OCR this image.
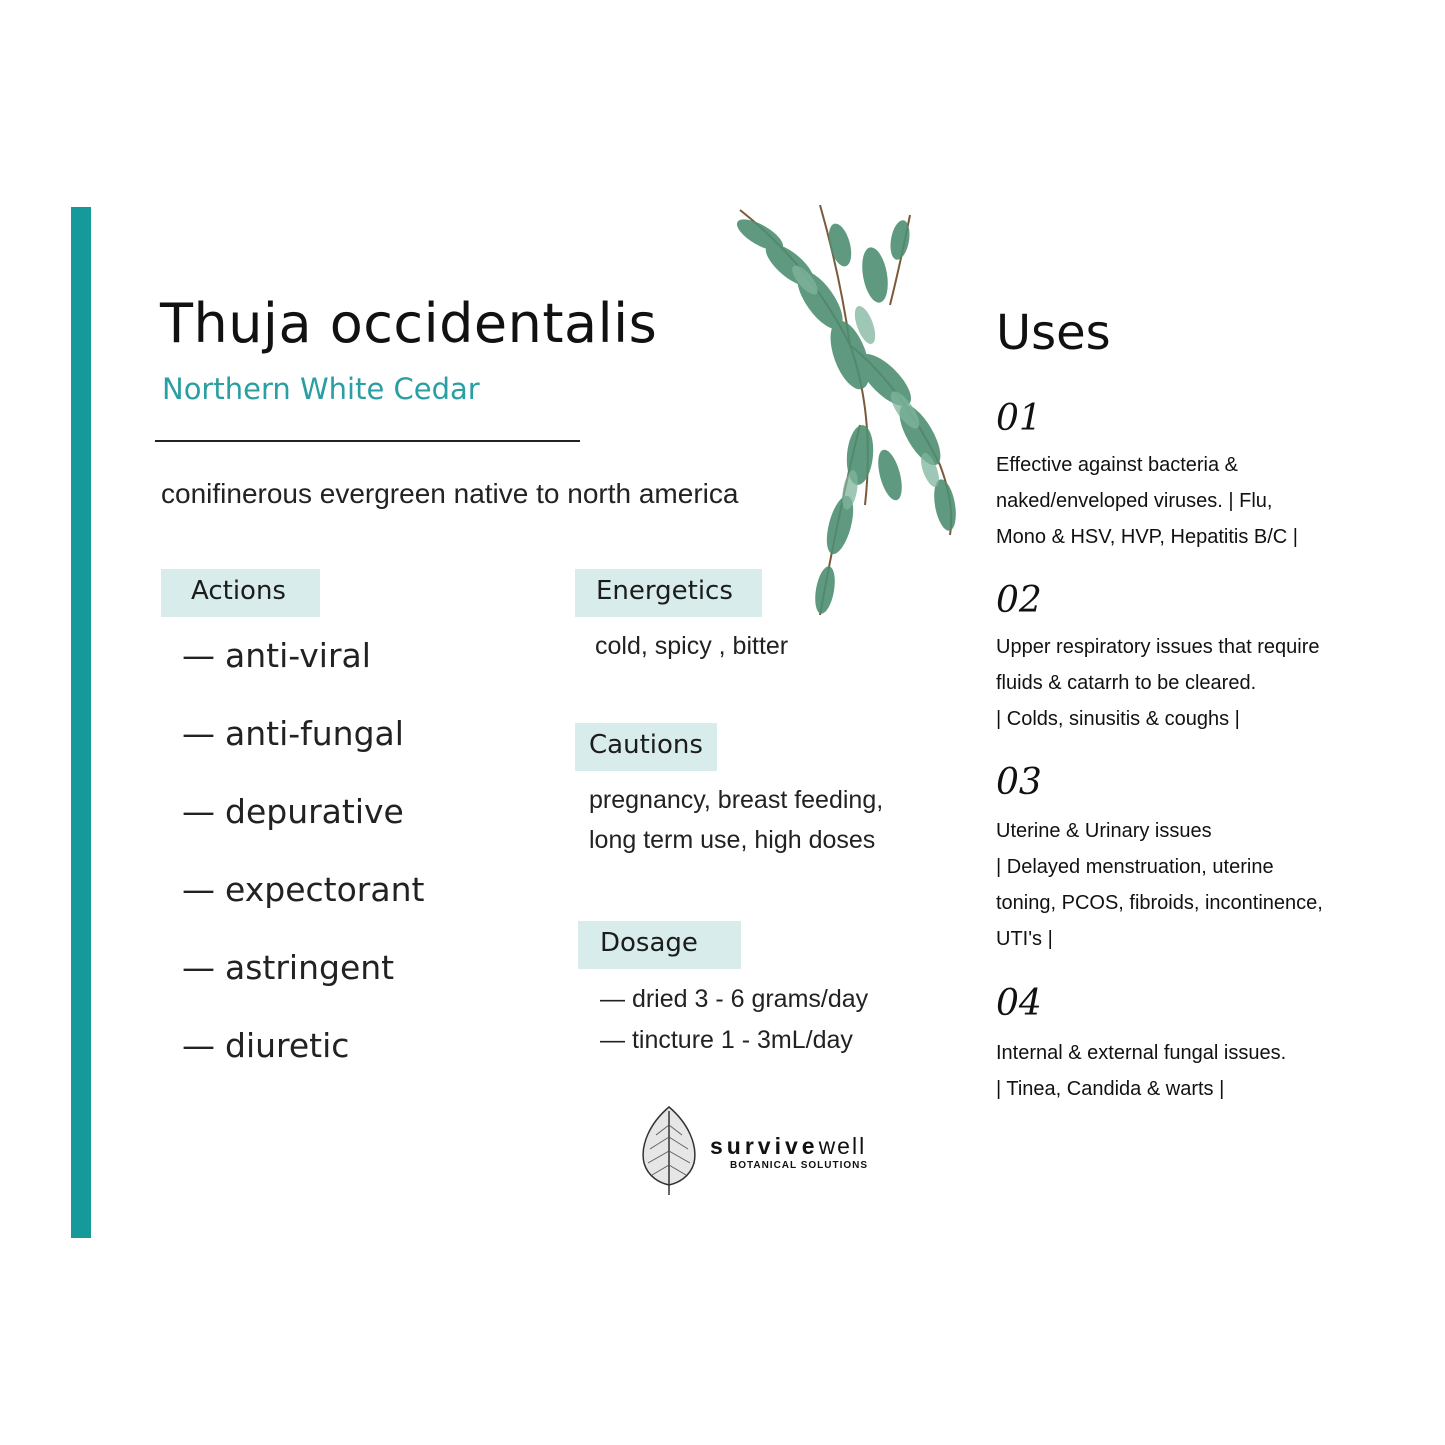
Thuja occidentalis
Northern White Cedar
conifinerous evergreen native to north america
Actions
— anti-viral
— anti-fungal
— depurative
— expectorant
— astringent
— diuretic
Energetics
cold, spicy , bitter
Cautions
pregnancy, breast feeding,
long term use, high doses
Dosage
— dried 3 - 6 grams/day
— tincture 1 - 3mL/day
Uses
01
Effective against bacteria &
naked/enveloped viruses. | Flu,
Mono & HSV, HVP, Hepatitis B/C |
02
Upper respiratory issues that require
fluids & catarrh to be cleared.
| Colds, sinusitis & coughs |
03
Uterine & Urinary issues
| Delayed menstruation, uterine
toning, PCOS, fibroids, incontinence,
UTI's |
04
Internal & external fungal issues.
| Tinea, Candida & warts |
survivewell
BOTANICAL SOLUTIONS
